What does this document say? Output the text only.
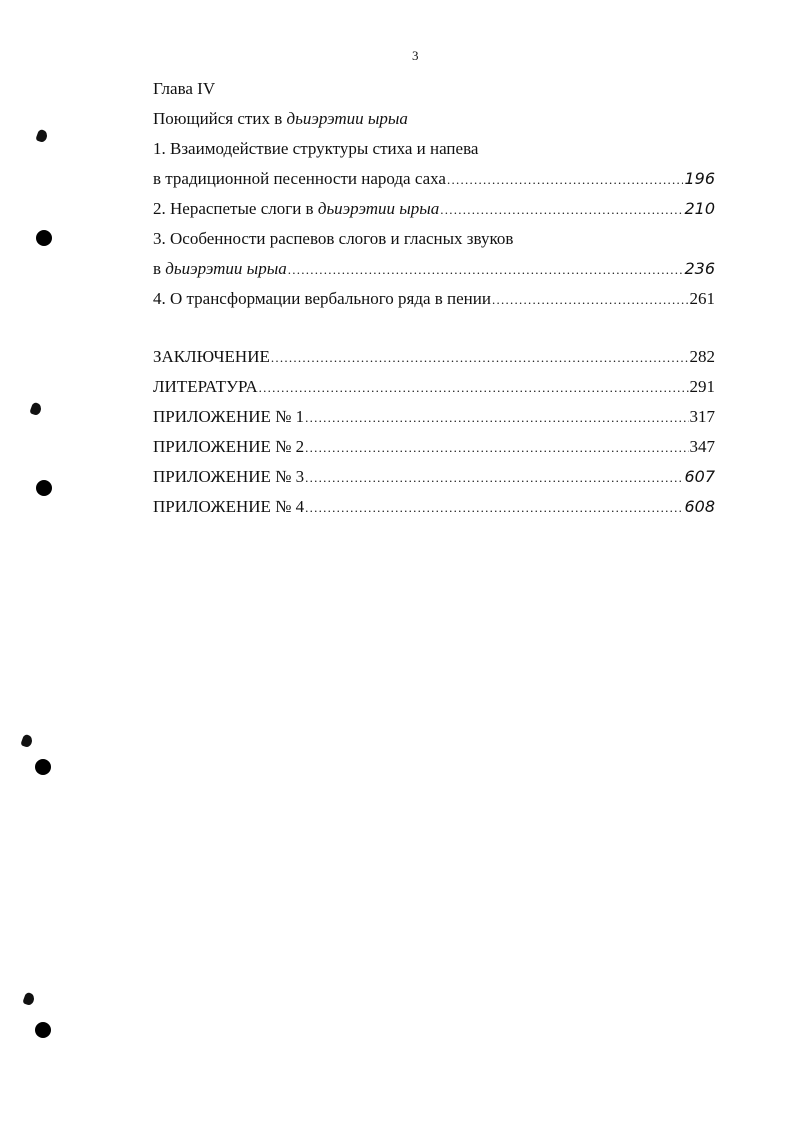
3
Глава IV
Поющийся стих в дьиэрэтии ырыа
1. Взаимодействие структуры стиха и напева
в традиционной песенности народа саха . . .	196
2. Нераспетые слоги в дьиэрэтии ырыа . . .	210
3. Особенности распевов слогов и гласных звуков
в дьиэрэтии ырыа . . .	236
4. О трансформации вербального ряда в пении . . .	261
ЗАКЛЮЧЕНИЕ . . .	282
ЛИТЕРАТУРА . . .	291
ПРИЛОЖЕНИЕ № 1 . . .	317
ПРИЛОЖЕНИЕ № 2 . . .	347
ПРИЛОЖЕНИЕ № 3 . . .	607
ПРИЛОЖЕНИЕ № 4 . . .	608
